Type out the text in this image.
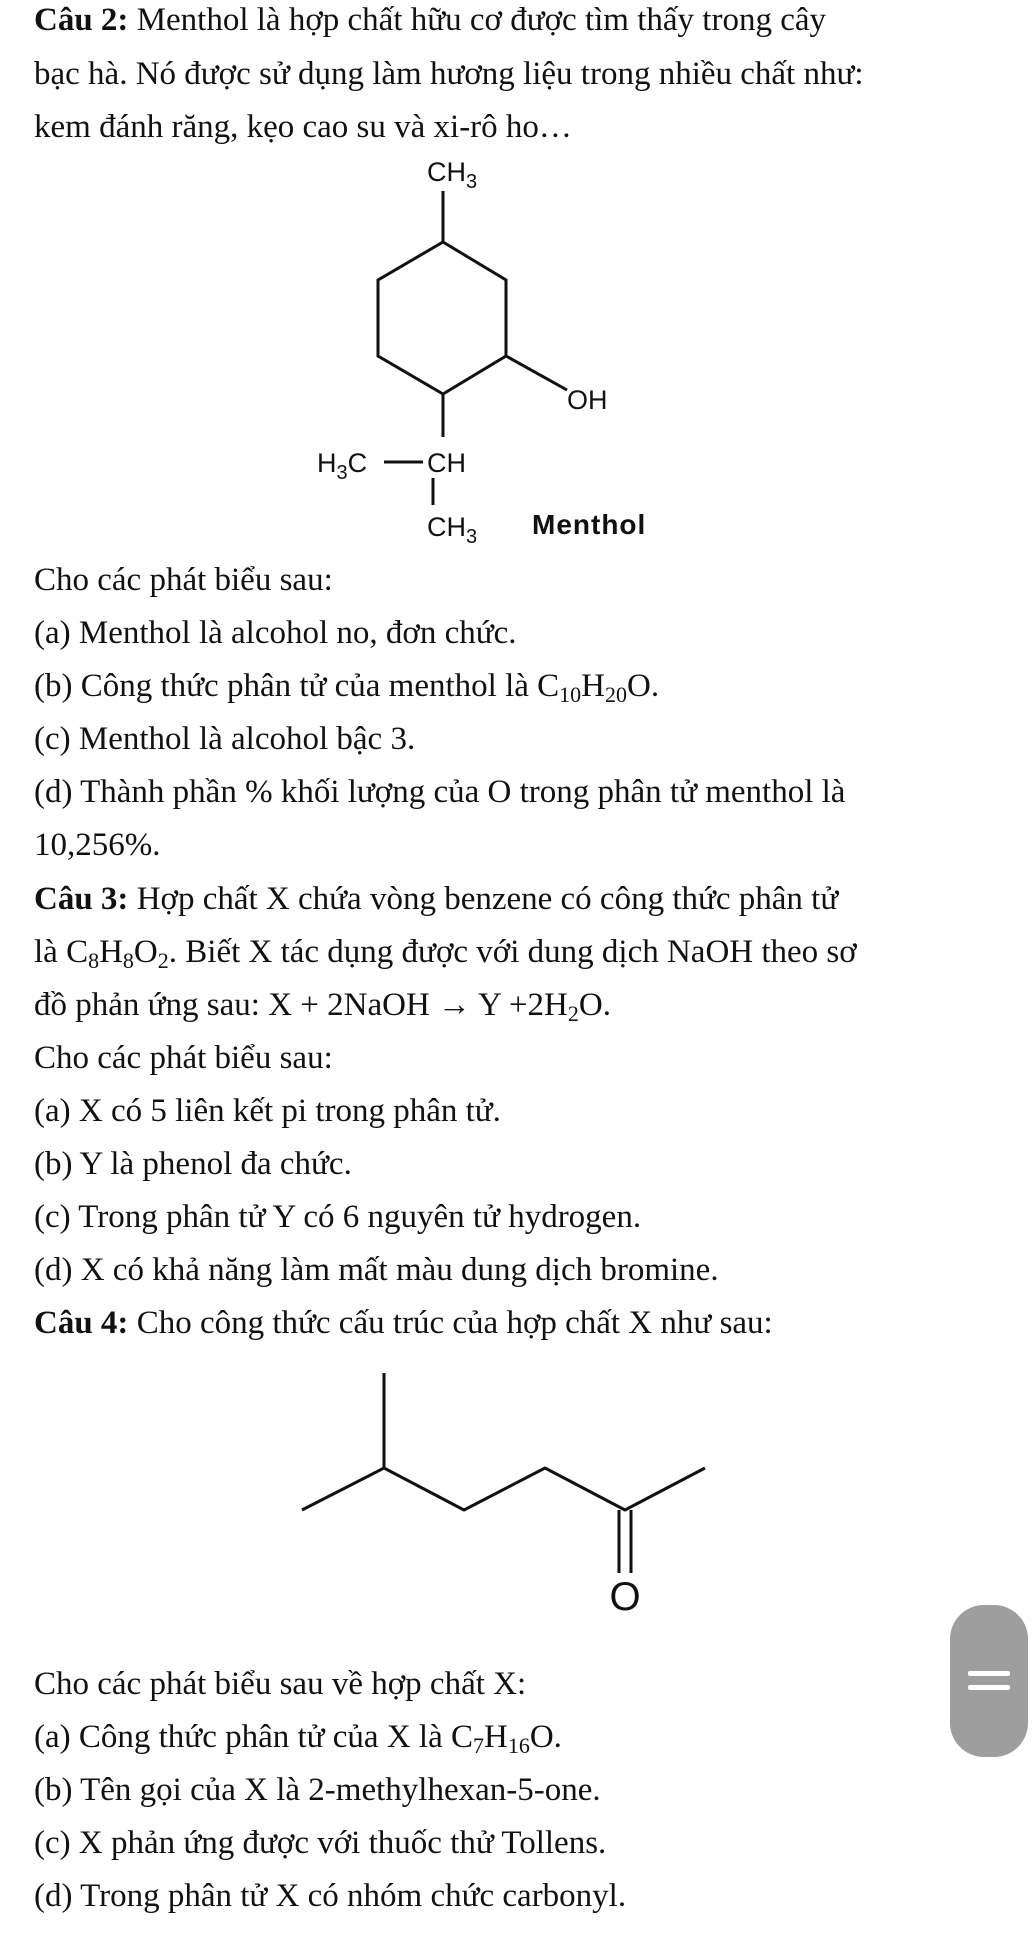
Câu 2: Menthol là hợp chất hữu cơ được tìm thấy trong cây
bạc hà. Nó được sử dụng làm hương liệu trong nhiều chất như:
kem đánh răng, kẹo cao su và xi-rô ho…
$CH_3$
OH
$H_3C$ CH
$CH_3$ Menthol
Cho các phát biểu sau:
(a) Menthol là alcohol no, đơn chức.
(b) Công thức phân tử của menthol là $C_{10}H_{20}O$.
(c) Menthol là alcohol bậc 3.
(d) Thành phần % khối lượng của O trong phân tử menthol là
10,256%.
Câu 3: Hợp chất X chứa vòng benzene có công thức phân tử
là $C_8H_8O_2$. Biết X tác dụng được với dung dịch NaOH theo sơ
đồ phản ứng sau: X + 2NaOH → $Y +2H_2O$.
Cho các phát biểu sau:
(a) X có 5 liên kết pi trong phân tử.
(b) Y là phenol đa chức.
(c) Trong phân tử Y có 6 nguyên tử hydrogen.
(d) X có khả năng làm mất màu dung dịch bromine.
Câu 4: Cho công thức cấu trúc của hợp chất X như sau:
O
Cho các phát biểu sau về hợp chất X:
(a) Công thức phân tử của X là $C_7H_{16}O$.
(b) Tên gọi của X là 2-methylhexan-5-one.
(c) X phản ứng được với thuốc thử Tollens.
(d) Trong phân tử X có nhóm chức carbonyl.
